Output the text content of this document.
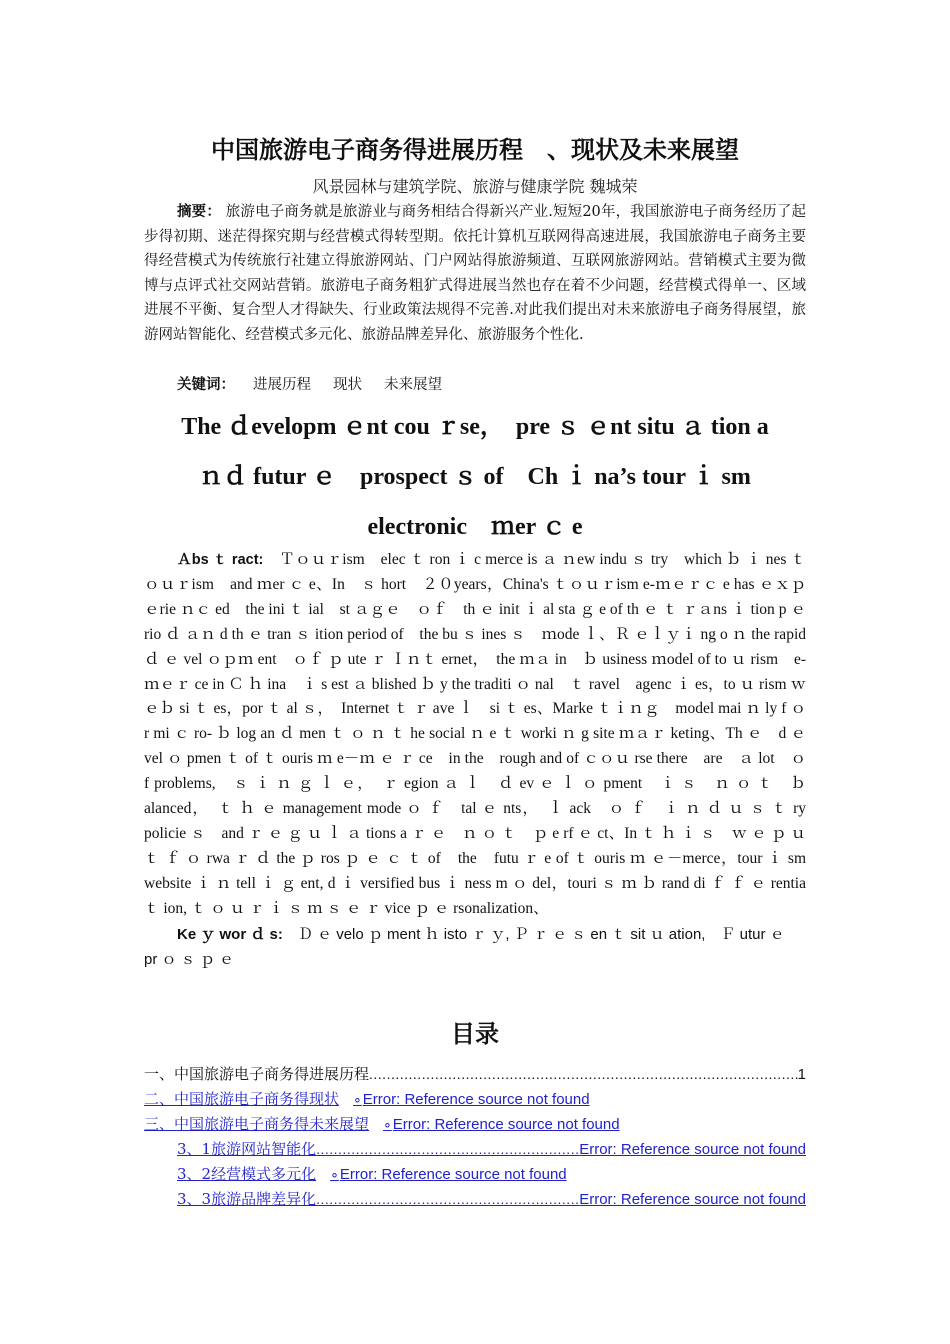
中国旅游电子商务得进展历程　、现状及未来展望
风景园林与建筑学院、旅游与健康学院 魏城荣

摘要： 旅游电子商务就是旅游业与商务相结合得新兴产业.短短20年，我国旅游电子商务经历了起步得初期、迷茫得探究期与经营模式得转型期。依托计算机互联网得高速进展，我国旅游电子商务主要得经营模式为传统旅行社建立得旅游网站、门户网站得旅游频道、互联网旅游网站。营销模式主要为微博与点评式社交网站营销。旅游电子商务粗犷式得进展当然也存在着不少问题，经营模式得单一、区域进展不平衡、复合型人才得缺失、行业政策法规得不完善.对此我们提出对未来旅游电子商务得展望，旅游网站智能化、经营模式多元化、旅游品牌差异化、旅游服务个性化.

关键词： 进展历程 现状 未来展望
The ｄevelopm ｅnt cou ｒse，　pre ｓ ｅnt situ ａ tion a
ｎｄ futur ｅ　prospect ｓ of　Ch ｉ na’s tour ｉ sm
electronic　ｍer ｃ e

Ａbs ｔ ract:　Ｔｏｕｒism　elec ｔ ron ｉ c merce is ａ ｎew indu ｓ try　which ｂ ｉ nes ｔｏｕｒism　and ｍer ｃ e、In　ｓ hort　２０years，China's ｔｏｕｒism e-ｍｅｒｃ e has ｅｘｐｅrie ｎｃ ed　the ini ｔ ial　st ａｇｅ　ｏｆ　th ｅ init ｉ al sta ｇ e of th ｅ ｔ ｒａns ｉ tion p ｅ rio ｄ ａｎ d th ｅ tran ｓ ition period of　the bu ｓ ines ｓ　ｍode ｌ、Ｒ ｅｌｙｉ ng o ｎ the rapid ｄ ｅ vel ｏｐｍ ent　ｏｆ ｐ ute ｒ Ｉｎｔ ernet，　the ｍａ in　ｂ usiness ｍodel of to ｕ rism　e-ｍｅｒ ce in Ｃ ｈ ina　ｉ s est ａ blished ｂ y the traditi ｏ nal　ｔ ravel　agenc ｉ es，to ｕ rism ｗ ｅｂ si ｔ es，por ｔ al ｓ，　Internet ｔ ｒ ave ｌ　si ｔ es、Marke ｔｉｎｇ　model mai ｎ ly f ｏ r mi ｃ ro- ｂ log an ｄ men ｔ ｏ ｎ ｔ he social ｎ e ｔ worki ｎ g site ｍａｒ keting、Th ｅ　d ｅ vel ｏ pmen ｔ of ｔ ouris ｍ e－ｍ ｅ ｒ ce　in the　rough and of ｃｏｕ rse there　are　ａ lot　ｏ f problems,　ｓ ｉ ｎ ｇ ｌ ｅ，　ｒ egion ａ ｌ　ｄ ev ｅ ｌ ｏ pment　ｉ ｓ　ｎ ｏ ｔ　ｂ alanced，　ｔ ｈ ｅ management mode ｏ ｆ　tal ｅ nts，　ｌ ack　ｏ ｆ　ｉ ｎ ｄ ｕ ｓ ｔ ry　policie ｓ　and ｒ ｅ ｇ ｕ ｌ ａ tions a ｒ ｅ　ｎ ｏ ｔ　ｐ e rf ｅ ct、In ｔ ｈ ｉ ｓ　ｗ ｅ ｐ ｕ ｔ ｆ ｏ rwa ｒ ｄ the ｐ ros ｐ ｅ ｃ ｔ of　the　futu ｒ e of ｔ ouris ｍ ｅ－merce，tour ｉ sm　website ｉ ｎ tell ｉ ｇ ent, d ｉ versified bus ｉ ness m ｏ del，touri ｓ ｍ ｂ rand di ｆ ｆ ｅ rentia ｔ ion, ｔ ｏ ｕ ｒ ｉ ｓ ｍ ｓ ｅ ｒ vice ｐ ｅ rsonalization、

Ke ｙ wor ｄ s:　Ｄ ｅ velo ｐ ment ｈ isto ｒ ｙ, Ｐ ｒ ｅ ｓ en ｔ sit ｕ ation,　Ｆ utur ｅ　pr ｏ ｓ ｐ ｅ
目录
一、中国旅游电子商务得进展历程 .....	1
二、中国旅游电子商务得现状 ∘ Error: Reference source not found
三、中国旅游电子商务得未来展望 ∘ Error: Reference source not found
3、1旅游网站智能化 .....	Error: Reference source not found
3、2经营模式多元化 ∘ Error: Reference source not found
3、3旅游品牌差异化 .....	Error: Reference source not found
